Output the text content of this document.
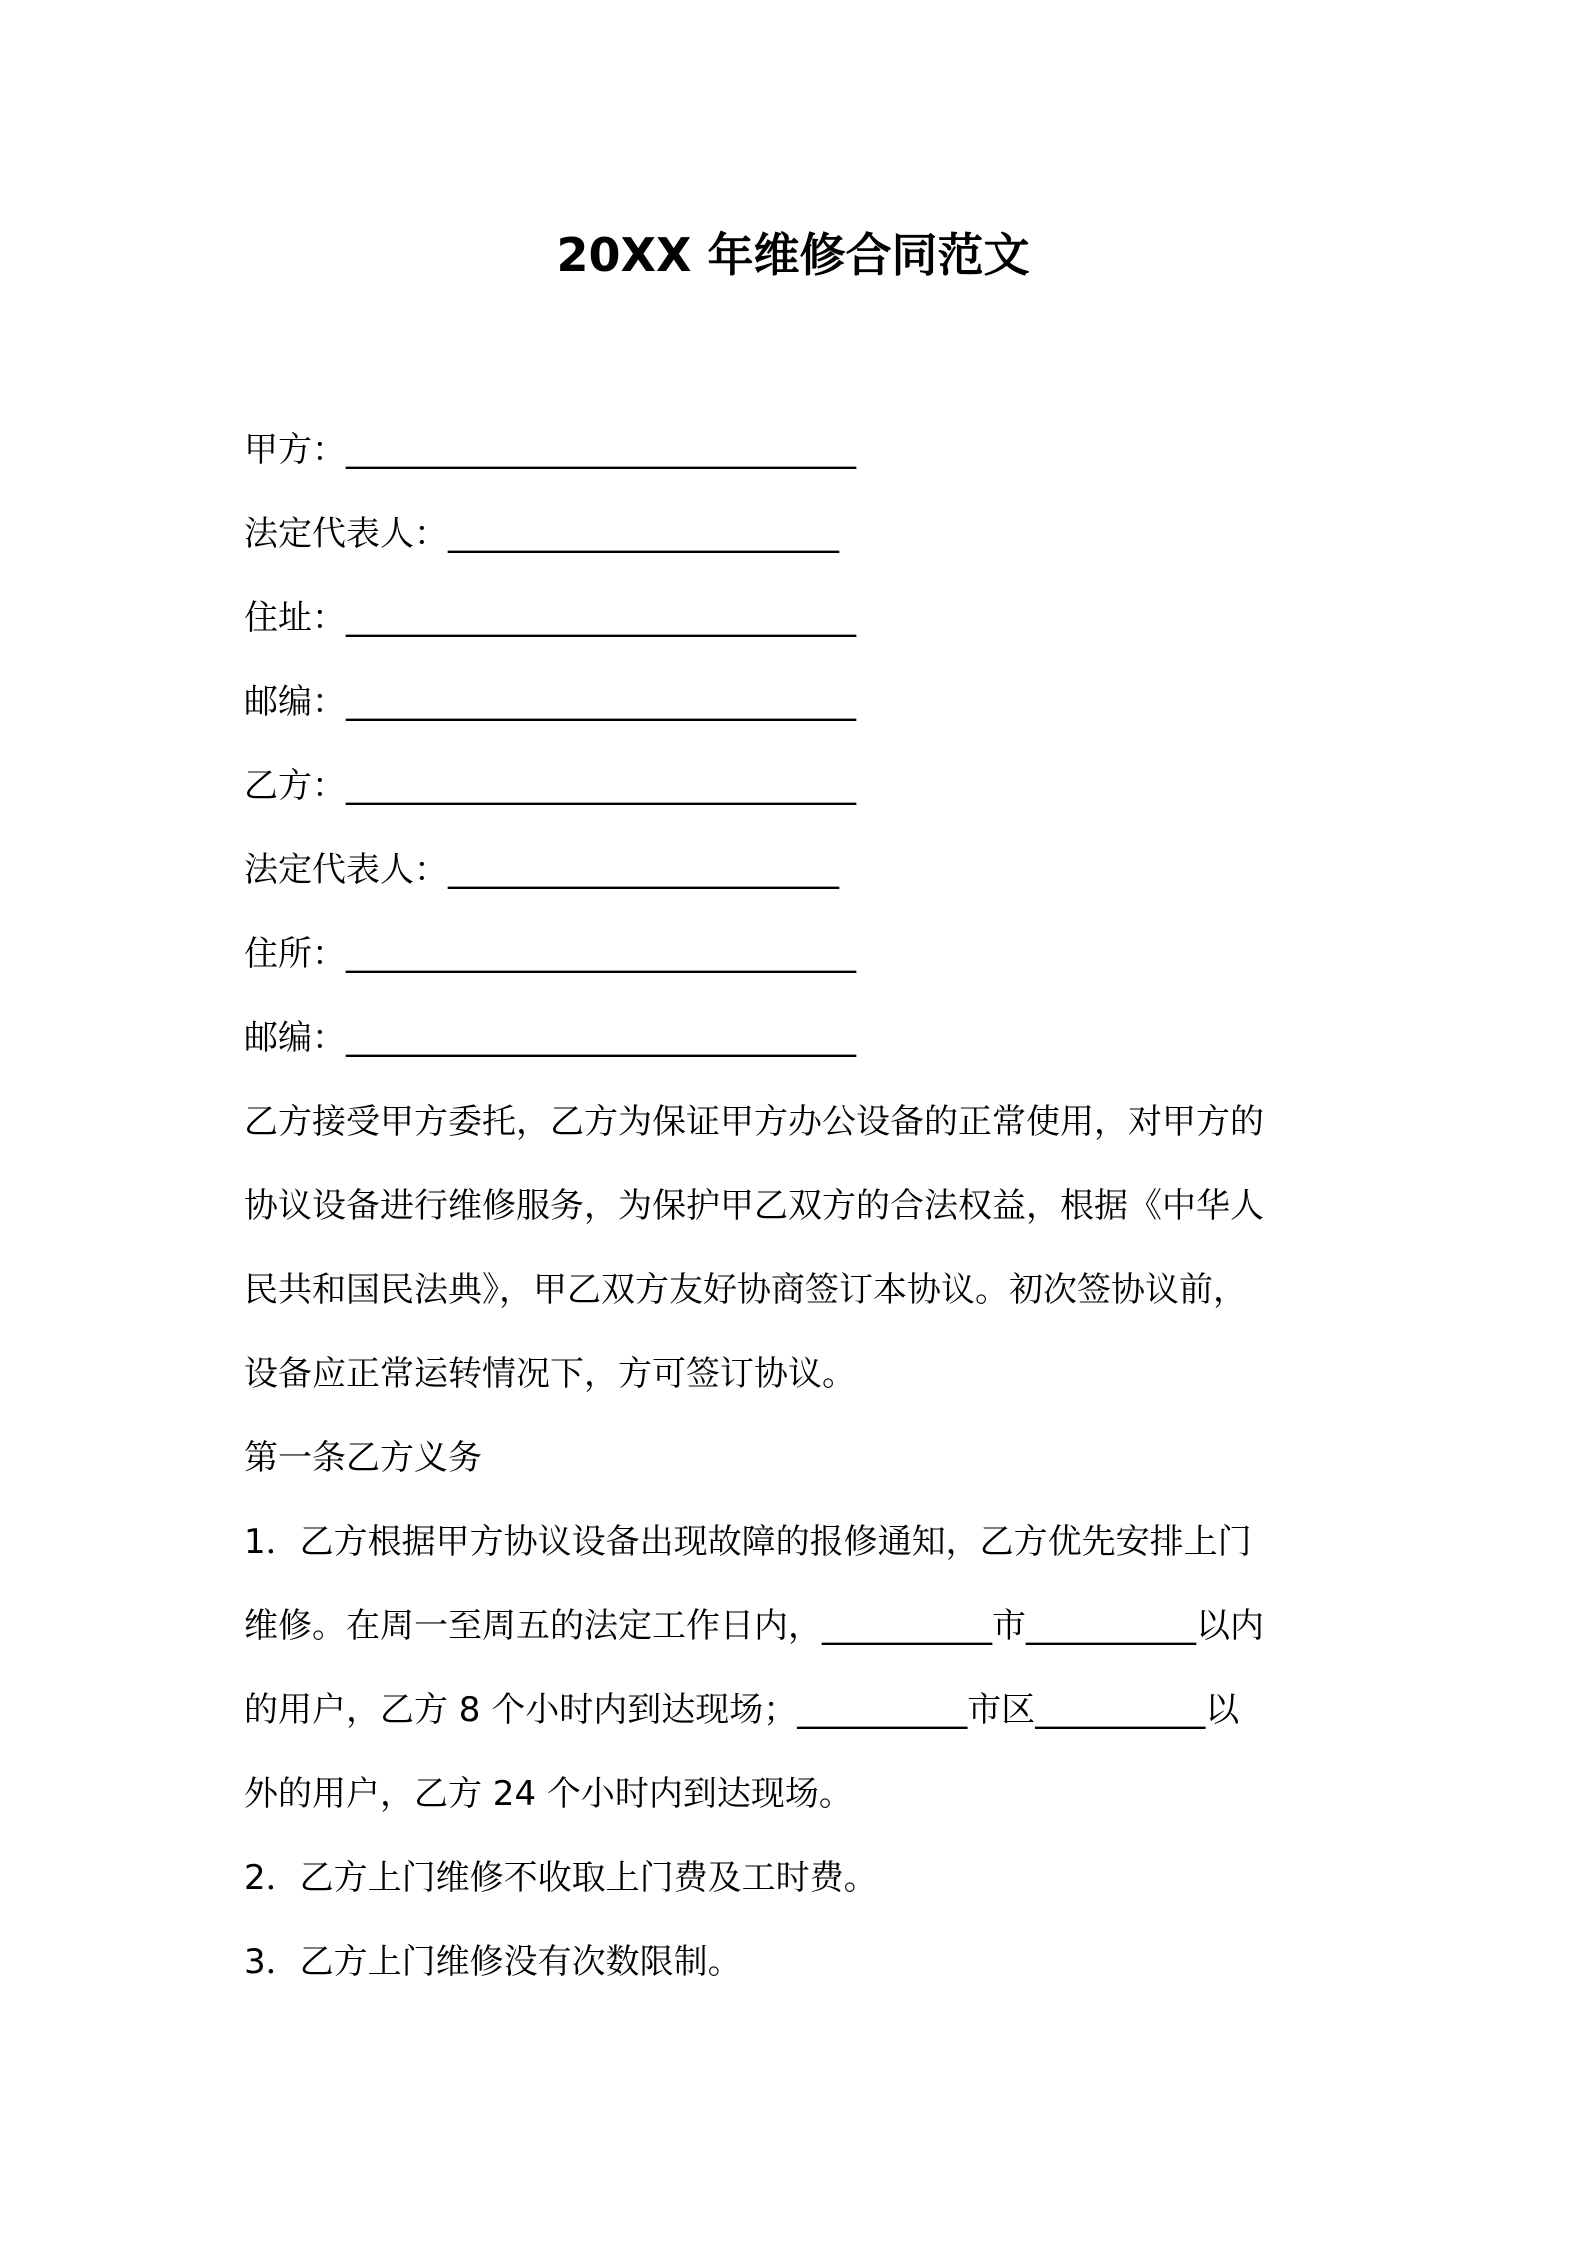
20XX 年维修合同范文
甲方：______________________________
法定代表人：_______________________
住址：______________________________
邮编：______________________________
乙方：______________________________
法定代表人：_______________________
住所：______________________________
邮编：______________________________
乙方接受甲方委托，乙方为保证甲方办公设备的正常使用，对甲方的
协议设备进行维修服务，为保护甲乙双方的合法权益，根据《中华人
民共和国民法典》，甲乙双方友好协商签订本协议。初次签协议前，
设备应正常运转情况下，方可签订协议。
第一条乙方义务
1．乙方根据甲方协议设备出现故障的报修通知，乙方优先安排上门
维修。在周一至周五的法定工作日内，__________市__________以内
的用户，乙方 8 个小时内到达现场；__________市区__________以
外的用户，乙方 24 个小时内到达现场。
2．乙方上门维修不收取上门费及工时费。
3．乙方上门维修没有次数限制。
